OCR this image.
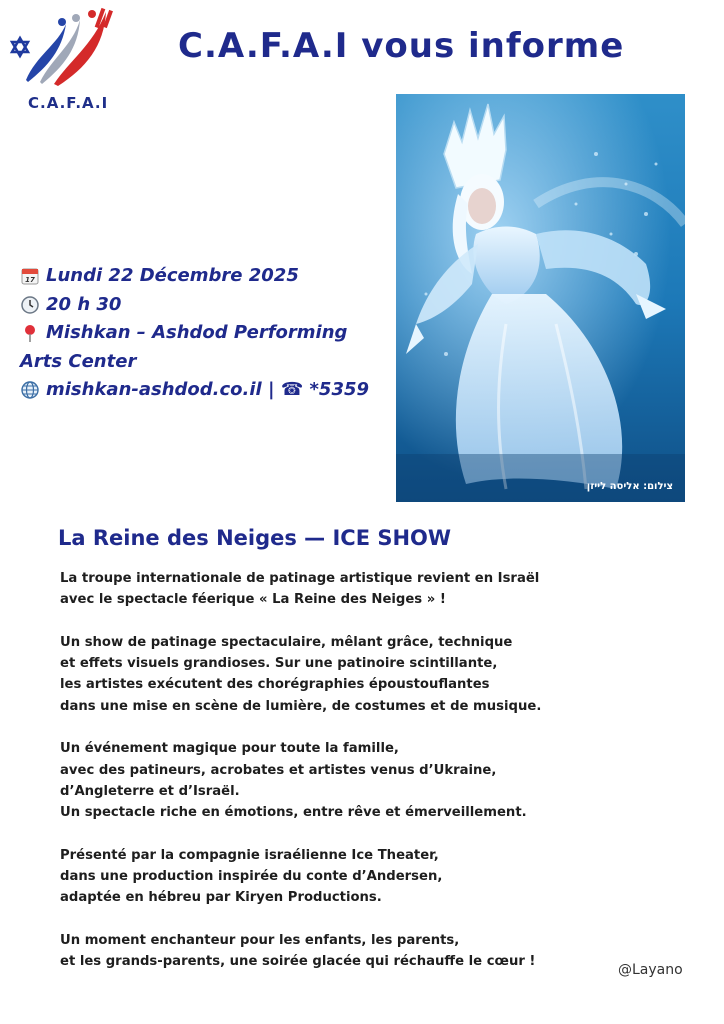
C.A.F.A.I
C.A.F.A.I vous informe
צילום: אליסה לייזן
17 Lundi 22 Décembre 2025
20 h 30
Mishkan – Ashdod Performing
Arts Center
mishkan-ashdod.co.il | ☎ *5359
La Reine des Neiges — ICE SHOW

La troupe internationale de patinage artistique revient en Israël
avec le spectacle féerique « La Reine des Neiges » !

Un show de patinage spectaculaire, mêlant grâce, technique
et effets visuels grandioses. Sur une patinoire scintillante,
les artistes exécutent des chorégraphies époustouflantes
dans une mise en scène de lumière, de costumes et de musique.

Un événement magique pour toute la famille,
avec des patineurs, acrobates et artistes venus d’Ukraine,
d’Angleterre et d’Israël.
Un spectacle riche en émotions, entre rêve et émerveillement.

Présenté par la compagnie israélienne Ice Theater,
dans une production inspirée du conte d’Andersen,
adaptée en hébreu par Kiryen Productions.

Un moment enchanteur pour les enfants, les parents,
et les grands-parents, une soirée glacée qui réchauffe le cœur !

@Layano
